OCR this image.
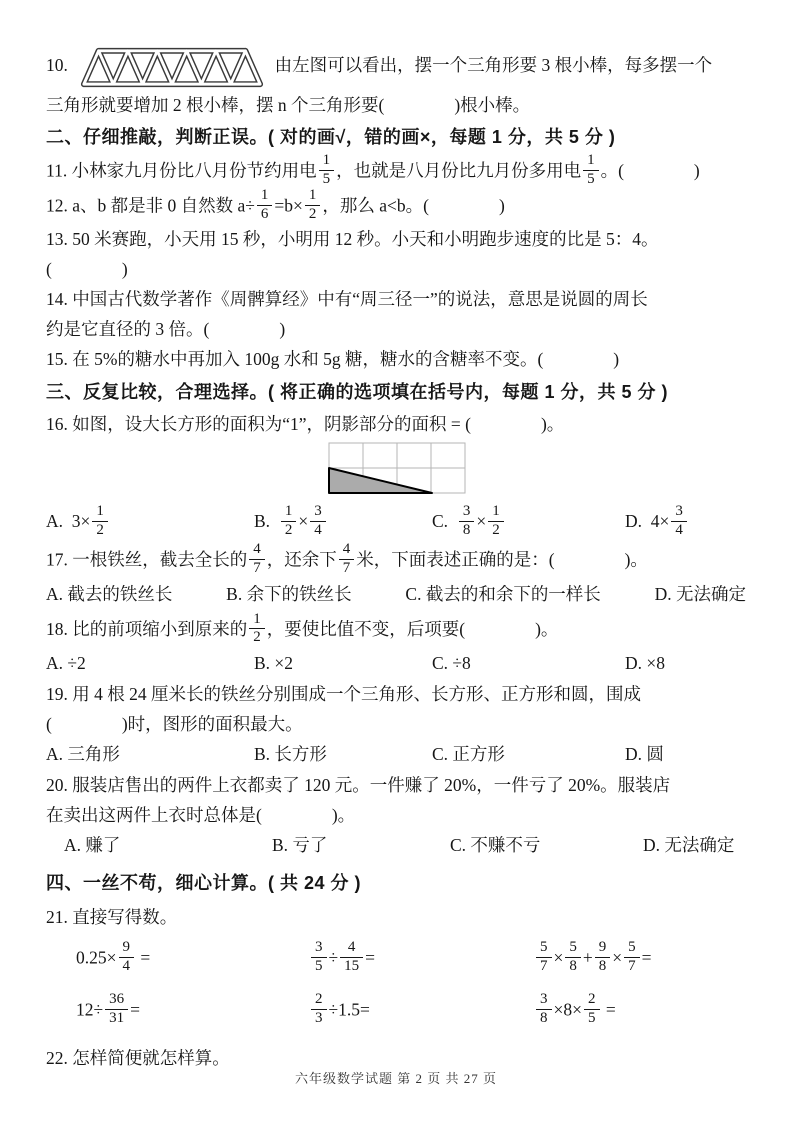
10.	由左图可以看出，摆一个三角形要 3 根小棒，每多摆一个

三角形就要增加 2 根小棒，摆 n 个三角形要(　　　　)根小棒。

二、仔细推敲，判断正误。( 对的画√，错的画×，每题 1 分，共 5 分 )

11. 小林家九月份比八月份节约用电 $\frac{1}{5}$ ，也就是八月份比九月份多用电 $\frac{1}{5}$ 。(　　　　)

12. a、b 都是非 0 自然数 $a\div \frac{1}{6} =b\times \frac{1}{2}$ ，那么 a<b。(　　　　)

13. 50 米赛跑，小天用 15 秒，小明用 12 秒。小天和小明跑步速度的比是 5：4。

(　　　　)

14. 中国古代数学著作《周髀算经》中有“周三径一”的说法，意思是说圆的周长

约是它直径的 3 倍。(　　　　)

15. 在 5%的糖水中再加入 100g 水和 5g 糖，糖水的含糖率不变。(　　　　)

三、反复比较，合理选择。( 将正确的选项填在括号内，每题 1 分，共 5 分 )

16. 如图，设大长方形的面积为“1”，阴影部分的面积 = (　　　　)。

A. $3\times \frac{1}{2}$	B. $\frac{1}{2} \times \frac{3}{4}$	C. $\frac{3}{8} \times \frac{1}{2}$	D. $4\times \frac{3}{4}$

17. 一根铁丝，截去全长的 $\frac{4}{7}$ ，还余下 $\frac{4}{7}$ 米，下面表述正确的是：(　　　　)。

A. 截去的铁丝长	B. 余下的铁丝长	C. 截去的和余下的一样长	D. 无法确定

18. 比的前项缩小到原来的 $\frac{1}{2}$ ，要使比值不变，后项要(　　　　)。

A. ÷2	B. ×2	C. ÷8	D. ×8

19. 用 4 根 24 厘米长的铁丝分别围成一个三角形、长方形、正方形和圆，围成

(　　　　)时，图形的面积最大。

A. 三角形	B. 长方形	C. 正方形	D. 圆

20. 服装店售出的两件上衣都卖了 120 元。一件赚了 20%，一件亏了 20%。服装店

在卖出这两件上衣时总体是(　　　　)。

A. 赚了	B. 亏了	C. 不赚不亏	D. 无法确定

四、一丝不苟，细心计算。( 共 24 分 )

21. 直接写得数。

$0.25\times \frac{9}{4}$ =	$\frac{3}{5} \div \frac{4}{15}$ =	$\frac{5}{7} \times \frac{5}{8} + \frac{9}{8} \times \frac{5}{7}$ =
$12\div \frac{36}{31}$ =	$\frac{2}{3} \div 1.5=$	$\frac{3}{8} \times 8\times \frac{2}{5}$ =

22. 怎样简便就怎样算。

六年级数学试题 第 2 页 共 27 页
